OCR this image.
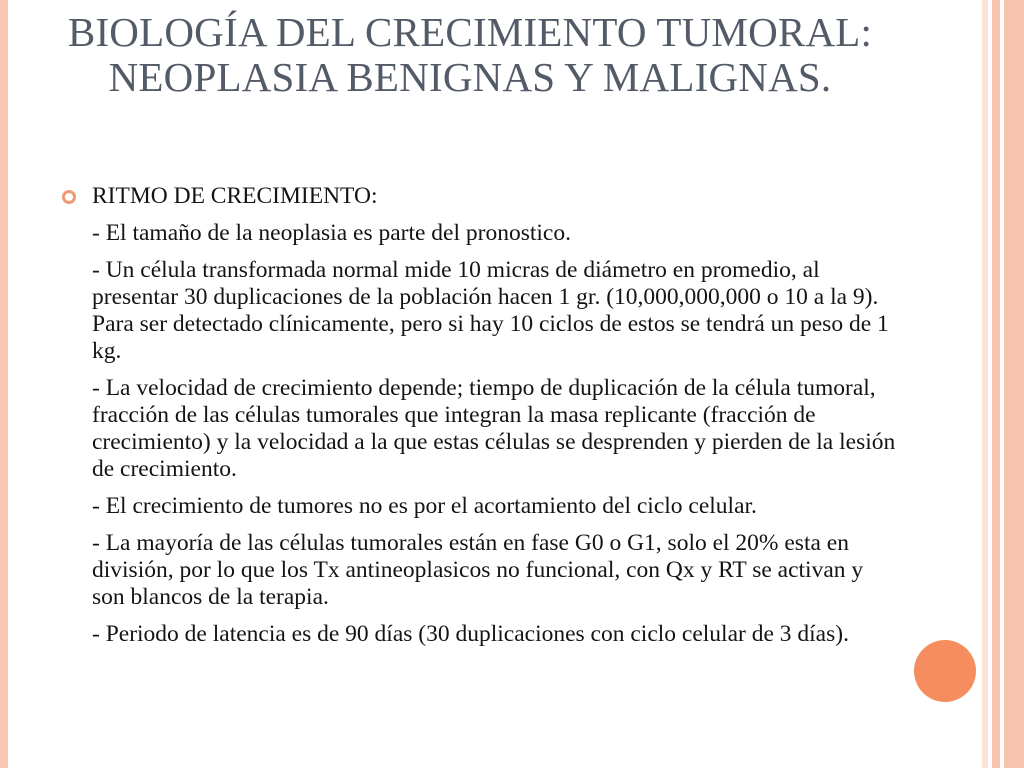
BIOLOGÍA DEL CRECIMIENTO TUMORAL: NEOPLASIA BENIGNAS Y MALIGNAS.
RITMO DE CRECIMIENTO:
- El tamaño de la neoplasia es parte del pronostico.
- Un célula transformada normal mide 10 micras de diámetro en promedio, al presentar 30 duplicaciones de la población hacen 1 gr. (10,000,000,000 o 10 a la 9). Para ser detectado clínicamente, pero si hay 10 ciclos de estos se tendrá un peso de 1 kg.
- La velocidad de crecimiento depende; tiempo de duplicación de la célula tumoral, fracción de las células tumorales que integran la masa replicante (fracción de crecimiento) y la velocidad a la que estas células se desprenden y pierden de la lesión de crecimiento.
- El crecimiento de tumores no es por el acortamiento del ciclo celular.
- La mayoría de las células tumorales están en fase G0 o G1, solo el 20% esta en división, por lo que los Tx antineoplasicos no funcional, con Qx y RT se activan y son blancos de la terapia.
- Periodo de latencia es de 90 días (30 duplicaciones con ciclo celular de 3 días).
